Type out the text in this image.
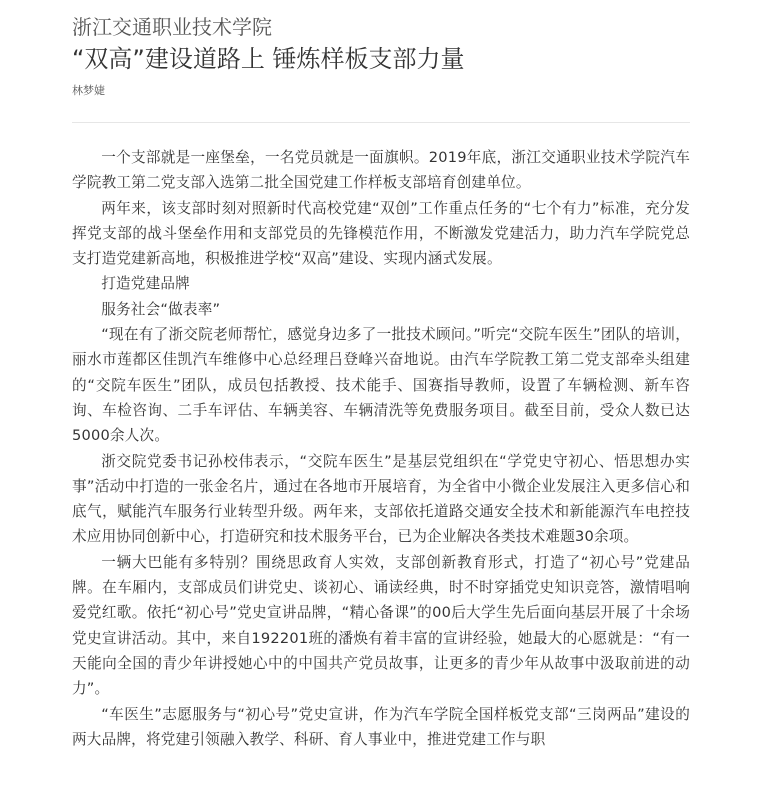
浙江交通职业技术学院
“双高”建设道路上 锤炼样板支部力量
林梦婕

一个支部就是一座堡垒，一名党员就是一面旗帜。2019年底，浙江交通职业技术学院汽车学院教工第二党支部入选第二批全国党建工作样板支部培育创建单位。

两年来，该支部时刻对照新时代高校党建“双创”工作重点任务的“七个有力”标准，充分发挥党支部的战斗堡垒作用和支部党员的先锋模范作用，不断激发党建活力，助力汽车学院党总支打造党建新高地，积极推进学校“双高”建设、实现内涵式发展。

打造党建品牌

服务社会“做表率”

“现在有了浙交院老师帮忙，感觉身边多了一批技术顾问。”听完“交院车医生”团队的培训，丽水市莲都区佳凯汽车维修中心总经理吕登峰兴奋地说。由汽车学院教工第二党支部牵头组建的“交院车医生”团队，成员包括教授、技术能手、国赛指导教师，设置了车辆检测、新车咨询、车检咨询、二手车评估、车辆美容、车辆清洗等免费服务项目。截至目前，受众人数已达5000余人次。

浙交院党委书记孙校伟表示，“交院车医生”是基层党组织在“学党史守初心、悟思想办实事”活动中打造的一张金名片，通过在各地市开展培育，为全省中小微企业发展注入更多信心和底气，赋能汽车服务行业转型升级。两年来，支部依托道路交通安全技术和新能源汽车电控技术应用协同创新中心，打造研究和技术服务平台，已为企业解决各类技术难题30余项。

一辆大巴能有多特别？围绕思政育人实效，支部创新教育形式，打造了“初心号”党建品牌。在车厢内，支部成员们讲党史、谈初心、诵读经典，时不时穿插党史知识竞答，激情唱响爱党红歌。依托“初心号”党史宣讲品牌，“精心备课”的00后大学生先后面向基层开展了十余场党史宣讲活动。其中，来自192201班的潘焕有着丰富的宣讲经验，她最大的心愿就是：“有一天能向全国的青少年讲授她心中的中国共产党员故事，让更多的青少年从故事中汲取前进的动力”。

“车医生”志愿服务与“初心号”党史宣讲，作为汽车学院全国样板党支部“三岗两品”建设的两大品牌，将党建引领融入教学、科研、育人事业中，推进党建工作与职
